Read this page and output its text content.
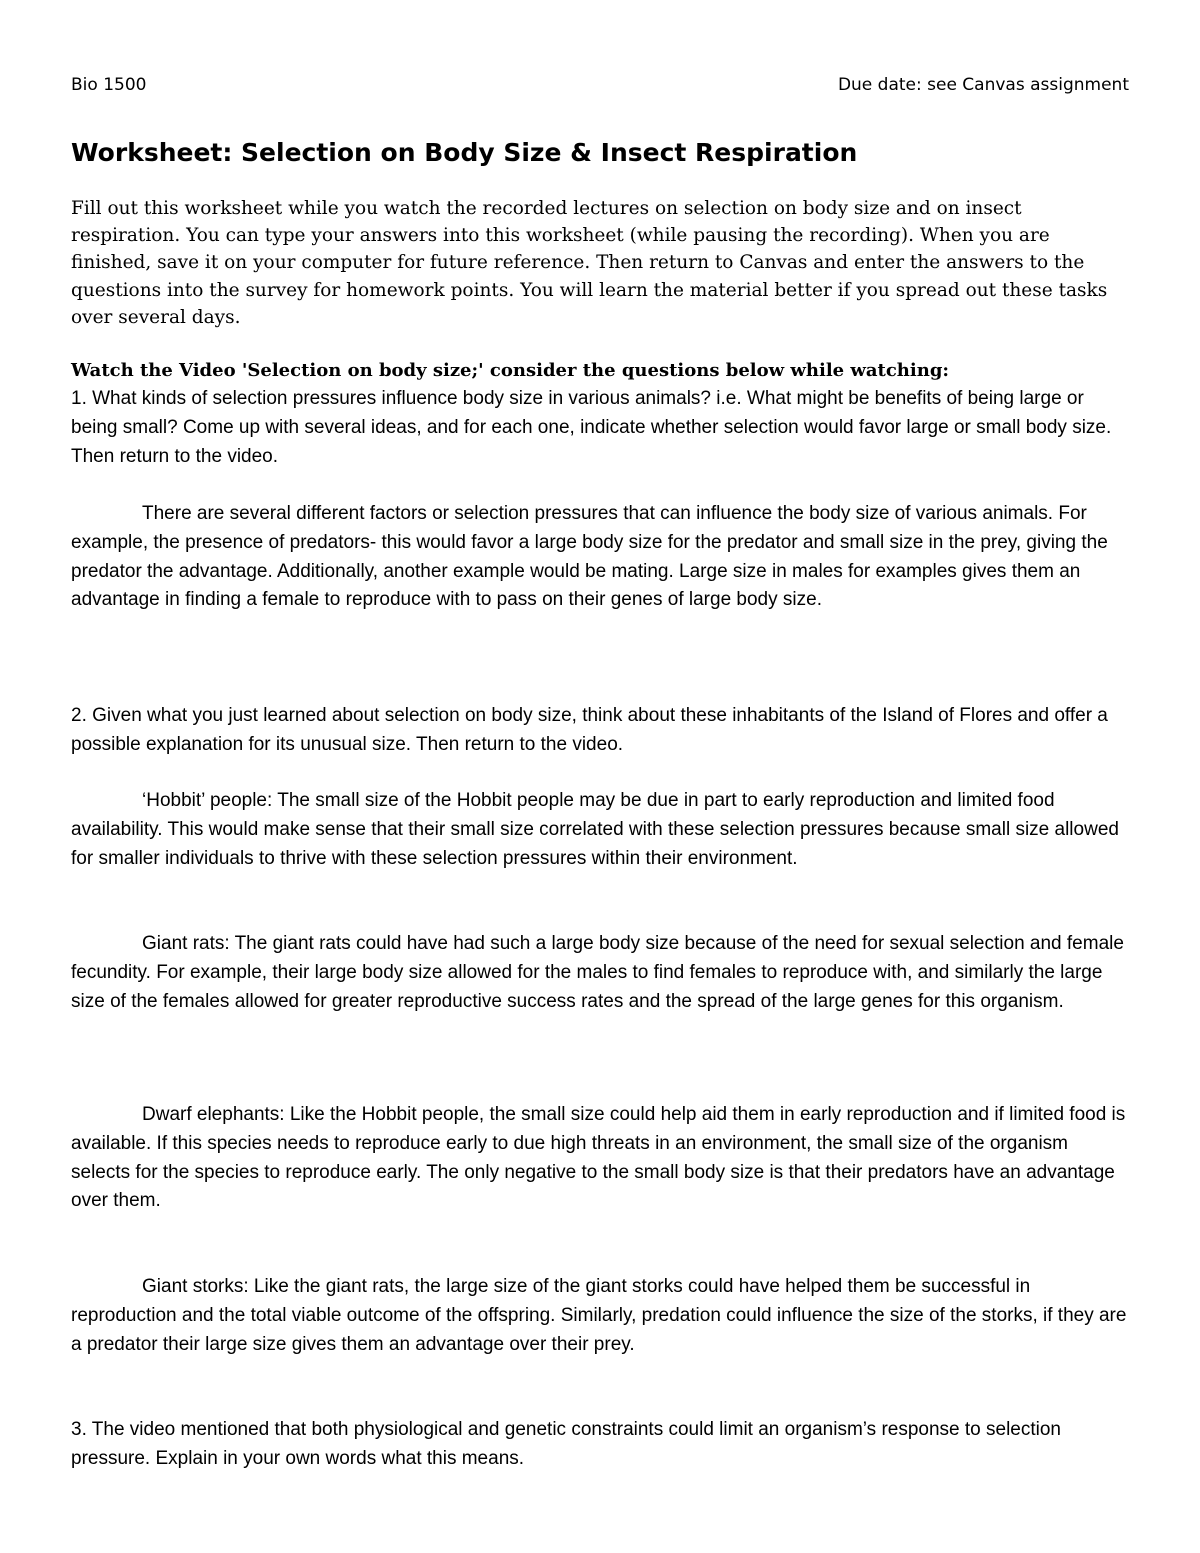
Bio 1500	Due date: see Canvas assignment
Worksheet: Selection on Body Size & Insect Respiration

Fill out this worksheet while you watch the recorded lectures on selection on body size and on insect respiration. You can type your answers into this worksheet (while pausing the recording). When you are finished, save it on your computer for future reference. Then return to Canvas and enter the answers to the questions into the survey for homework points. You will learn the material better if you spread out these tasks over several days.

Watch the Video 'Selection on body size;' consider the questions below while watching:

1. What kinds of selection pressures influence body size in various animals? i.e. What might be benefits of being large or being small? Come up with several ideas, and for each one, indicate whether selection would favor large or small body size. Then return to the video.

There are several different factors or selection pressures that can influence the body size of various animals. For example, the presence of predators- this would favor a large body size for the predator and small size in the prey, giving the predator the advantage. Additionally, another example would be mating. Large size in males for examples gives them an advantage in finding a female to reproduce with to pass on their genes of large body size.

2. Given what you just learned about selection on body size, think about these inhabitants of the Island of Flores and offer a possible explanation for its unusual size. Then return to the video.

‘Hobbit’ people: The small size of the Hobbit people may be due in part to early reproduction and limited food availability. This would make sense that their small size correlated with these selection pressures because small size allowed for smaller individuals to thrive with these selection pressures within their environment.

Giant rats: The giant rats could have had such a large body size because of the need for sexual selection and female fecundity. For example, their large body size allowed for the males to find females to reproduce with, and similarly the large size of the females allowed for greater reproductive success rates and the spread of the large genes for this organism.

Dwarf elephants: Like the Hobbit people, the small size could help aid them in early reproduction and if limited food is available. If this species needs to reproduce early to due high threats in an environment, the small size of the organism selects for the species to reproduce early. The only negative to the small body size is that their predators have an advantage over them.

Giant storks: Like the giant rats, the large size of the giant storks could have helped them be successful in reproduction and the total viable outcome of the offspring. Similarly, predation could influence the size of the storks, if they are a predator their large size gives them an advantage over their prey.

3. The video mentioned that both physiological and genetic constraints could limit an organism’s response to selection pressure. Explain in your own words what this means.
